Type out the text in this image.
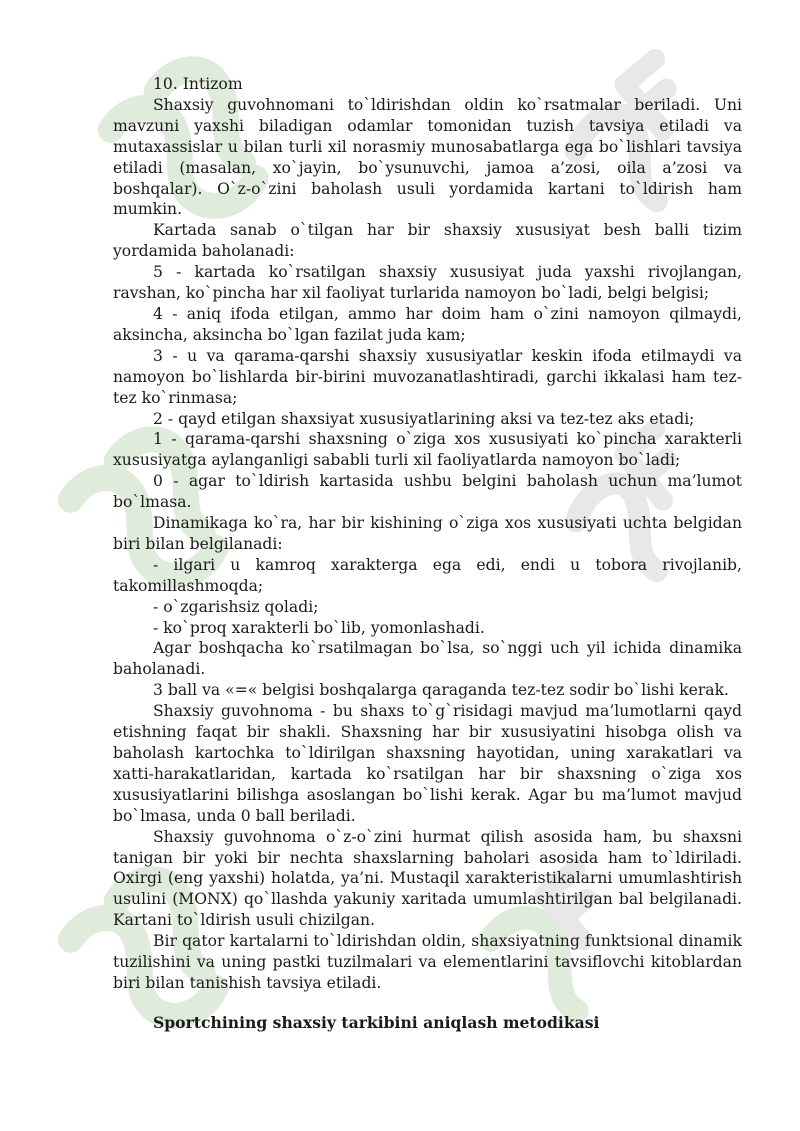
10. Intizom

Shaxsiy guvohnomani to`ldirishdan oldin ko`rsatmalar beriladi. Uni mavzuni yaxshi biladigan odamlar tomonidan tuzish tavsiya etiladi va mutaxassislar u bilan turli xil norasmiy munosabatlarga ega bo`lishlari tavsiya etiladi (masalan, xo`jayin, bo`ysunuvchi, jamoa a’zosi, oila a’zosi va boshqalar). O`z-o`zini baholash usuli yordamida kartani to`ldirish ham mumkin.

Kartada sanab o`tilgan har bir shaxsiy xususiyat besh balli tizim yordamida baholanadi:

5 - kartada ko`rsatilgan shaxsiy xususiyat juda yaxshi rivojlangan, ravshan, ko`pincha har xil faoliyat turlarida namoyon bo`ladi, belgi belgisi;

4 - aniq ifoda etilgan, ammo har doim ham o`zini namoyon qilmaydi, aksincha, aksincha bo`lgan fazilat juda kam;

3 - u va qarama-qarshi shaxsiy xususiyatlar keskin ifoda etilmaydi va namoyon bo`lishlarda bir-birini muvozanatlashtiradi, garchi ikkalasi ham tez-tez ko`rinmasa;

2 - qayd etilgan shaxsiyat xususiyatlarining aksi va tez-tez aks etadi;

1 - qarama-qarshi shaxsning o`ziga xos xususiyati ko`pincha xarakterli xususiyatga aylanganligi sababli turli xil faoliyatlarda namoyon bo`ladi;

0 - agar to`ldirish kartasida ushbu belgini baholash uchun ma’lumot bo`lmasa.

Dinamikaga ko`ra, har bir kishining o`ziga xos xususiyati uchta belgidan biri bilan belgilanadi:

- ilgari u kamroq xarakterga ega edi, endi u tobora rivojlanib, takomillashmoqda;

- o`zgarishsiz qoladi;

- ko`proq xarakterli bo`lib, yomonlashadi.

Agar boshqacha ko`rsatilmagan bo`lsa, so`nggi uch yil ichida dinamika baholanadi.

3 ball va «=« belgisi boshqalarga qaraganda tez-tez sodir bo`lishi kerak.

Shaxsiy guvohnoma - bu shaxs to`g`risidagi mavjud ma’lumotlarni qayd etishning faqat bir shakli. Shaxsning har bir xususiyatini hisobga olish va baholash kartochka to`ldirilgan shaxsning hayotidan, uning xarakatlari va xatti-harakatlaridan, kartada ko`rsatilgan har bir shaxsning o`ziga xos xususiyatlarini bilishga asoslangan bo`lishi kerak. Agar bu ma’lumot mavjud bo`lmasa, unda 0 ball beriladi.

Shaxsiy guvohnoma o`z-o`zini hurmat qilish asosida ham, bu shaxsni tanigan bir yoki bir nechta shaxslarning baholari asosida ham to`ldiriladi. Oxirgi (eng yaxshi) holatda, ya’ni. Mustaqil xarakteristikalarni umumlashtirish usulini (MONX) qo`llashda yakuniy xaritada umumlashtirilgan bal belgilanadi. Kartani to`ldirish usuli chizilgan.

Bir qator kartalarni to`ldirishdan oldin, shaxsiyatning funktsional dinamik tuzilishini va uning pastki tuzilmalari va elementlarini tavsiflovchi kitoblardan biri bilan tanishish tavsiya etiladi.

Sportchining shaxsiy tarkibini aniqlash metodikasi
